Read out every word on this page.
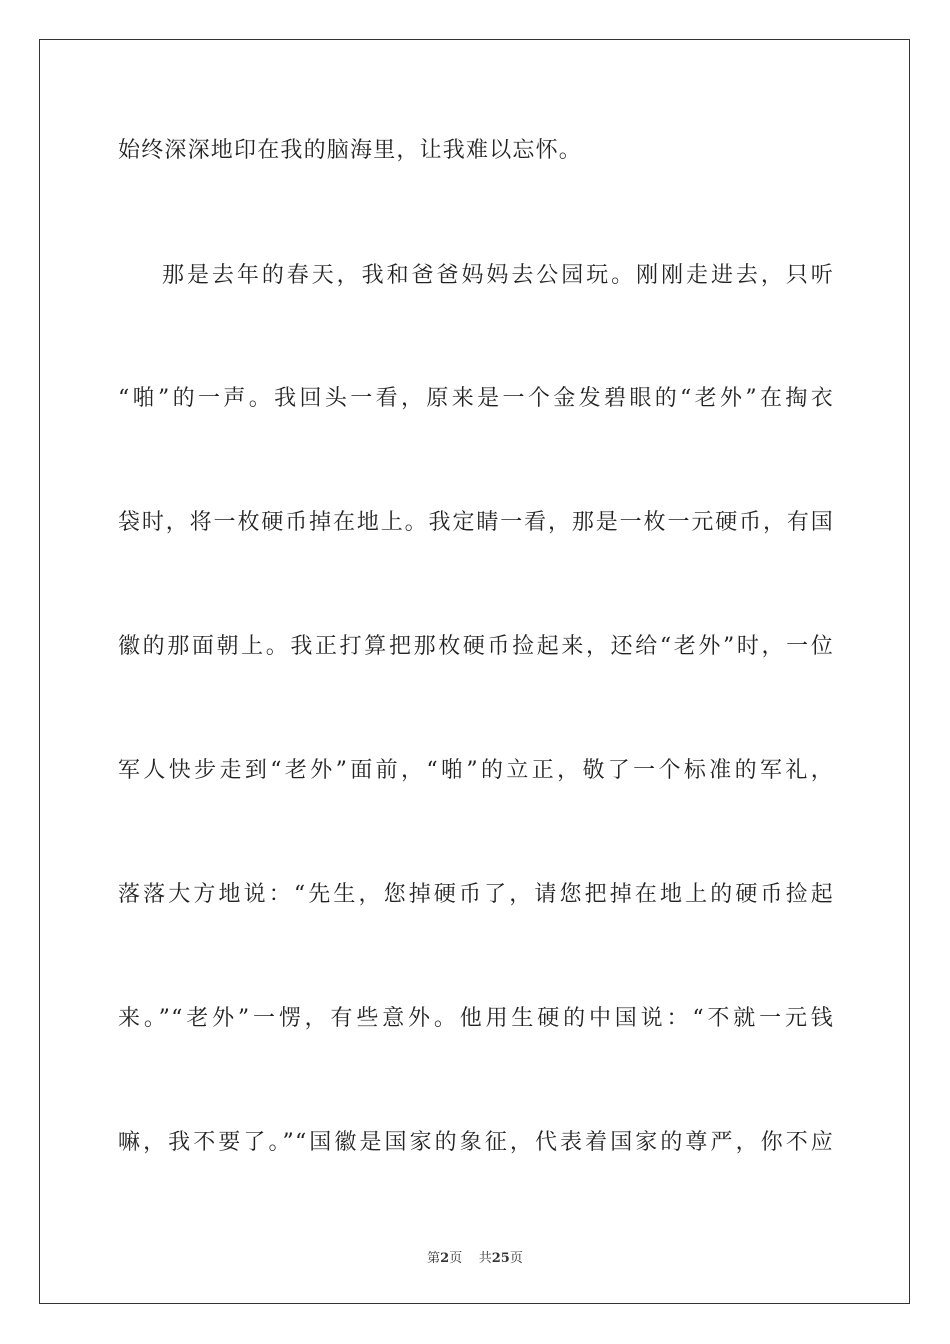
始终深深地印在我的脑海里，让我难以忘怀。
那是去年的春天，我和爸爸妈妈去公园玩。刚刚走进去，只听
“啪”的一声。我回头一看，原来是一个金发碧眼的“老外”在掏衣
袋时，将一枚硬币掉在地上。我定睛一看，那是一枚一元硬币，有国
徽的那面朝上。我正打算把那枚硬币捡起来，还给“老外”时，一位
军人快步走到“老外”面前，“啪”的立正，敬了一个标准的军礼，
落落大方地说：“先生，您掉硬币了，请您把掉在地上的硬币捡起
来。”“老外”一愣，有些意外。他用生硬的中国说：“不就一元钱
嘛，我不要了。”“国徽是国家的象征，代表着国家的尊严，你不应
第2页 共25页
